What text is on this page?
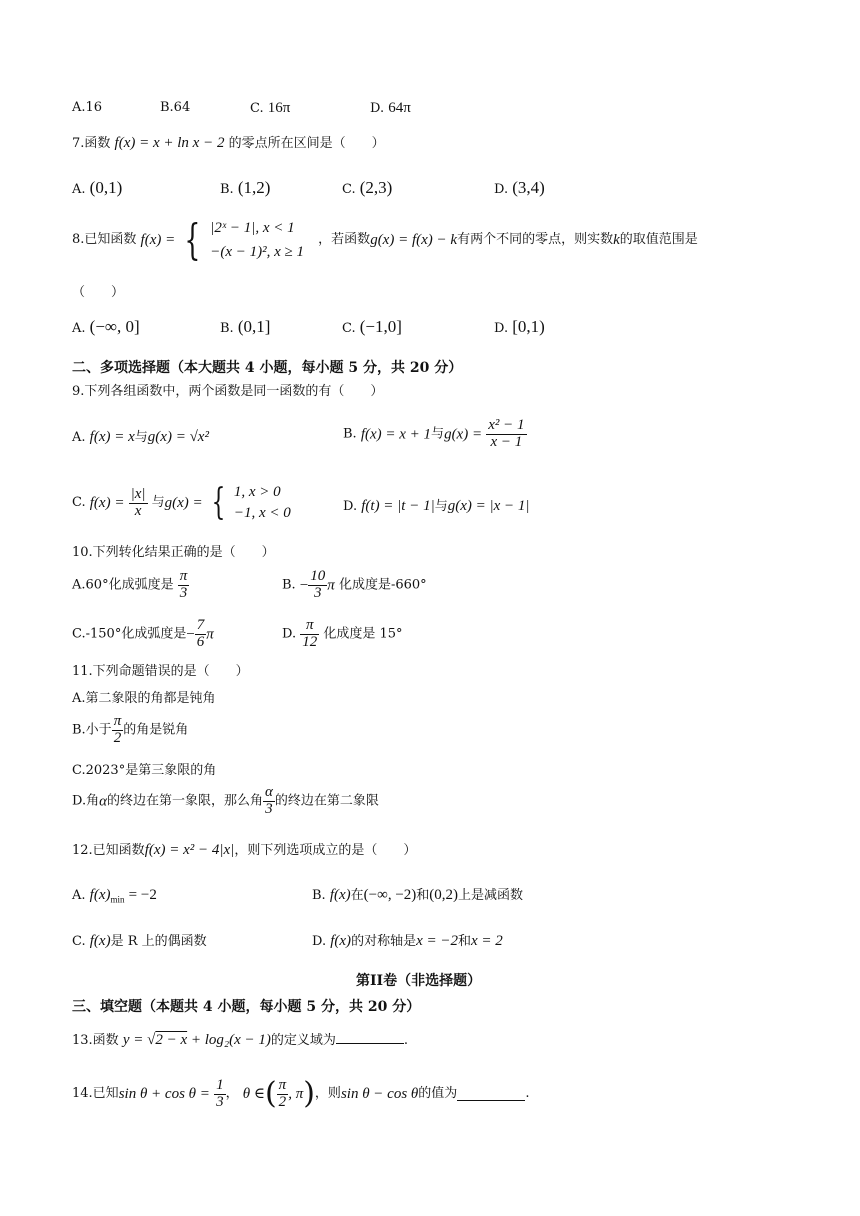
A.16	B.64	C. 16π	D. 64π
7.函数 f(x) = x + ln x − 2 的零点所在区间是（　　）
A. (0,1)	B. (1,2)	C. (2,3)	D. (3,4)
8.已知函数 f(x) = { |2ˣ − 1|, x < 1
−(x − 1)², x ≥ 1
，若函数g(x) = f(x) − k有两个不同的零点，则实数k的取值范围是
（　　）
A. (−∞, 0]	B. (0,1]	C. (−1,0]	D. [0,1)
二、多项选择题（本大题共 4 小题，每小题 5 分，共 20 分）
9.下列各组函数中，两个函数是同一函数的有（　　）
A. f(x) = x与g(x) = √x²	B. f(x) = x + 1与$g(x) = \frac{\text{x² − 1}}{x - 1}$
C. $f(x) = \frac{|x|}{x}$ 与g(x) = { 1, x > 0
−1, x < 0	D. f(t) = |t − 1|与g(x) = |x − 1|
10.下列转化结果正确的是（　　）
A.60°化成弧度是 $\frac{\pi}{3}$	B. − $\frac{10}{3}$ π 化成度是-660°
C.-150°化成弧度是− $\frac{7}{6}$ π	D. $\frac{\pi}{12}$ 化成度是 15°
11.下列命题错误的是（　　）
A.第二象限的角都是钝角
B.小于 $\frac{\pi}{2}$ 的角是锐角
C.2023°是第三象限的角
D.角α的终边在第一象限，那么角 $\frac{\alpha}{3}$ 的终边在第二象限
12.已知函数f(x) = x² − 4|x|，则下列选项成立的是（　　）
A. $f(x)_{min} = -2$	B. f(x)在(−∞, −2)和(0,2)上是减函数
C. f(x)是 R 上的偶函数	D. f(x)的对称轴是x = −2和x = 2
第II卷（非选择题）
三、填空题（本题共 4 小题，每小题 5 分，共 20 分）
13.函数 y = √2 − x + log₂(x − 1)的定义域为	.
14.已知$\sin \theta + \cos \theta = \frac{1}{3}$ ， θ ∈( $\frac{\pi}{2}$ , π)，则sin θ − cos θ的值为	.
